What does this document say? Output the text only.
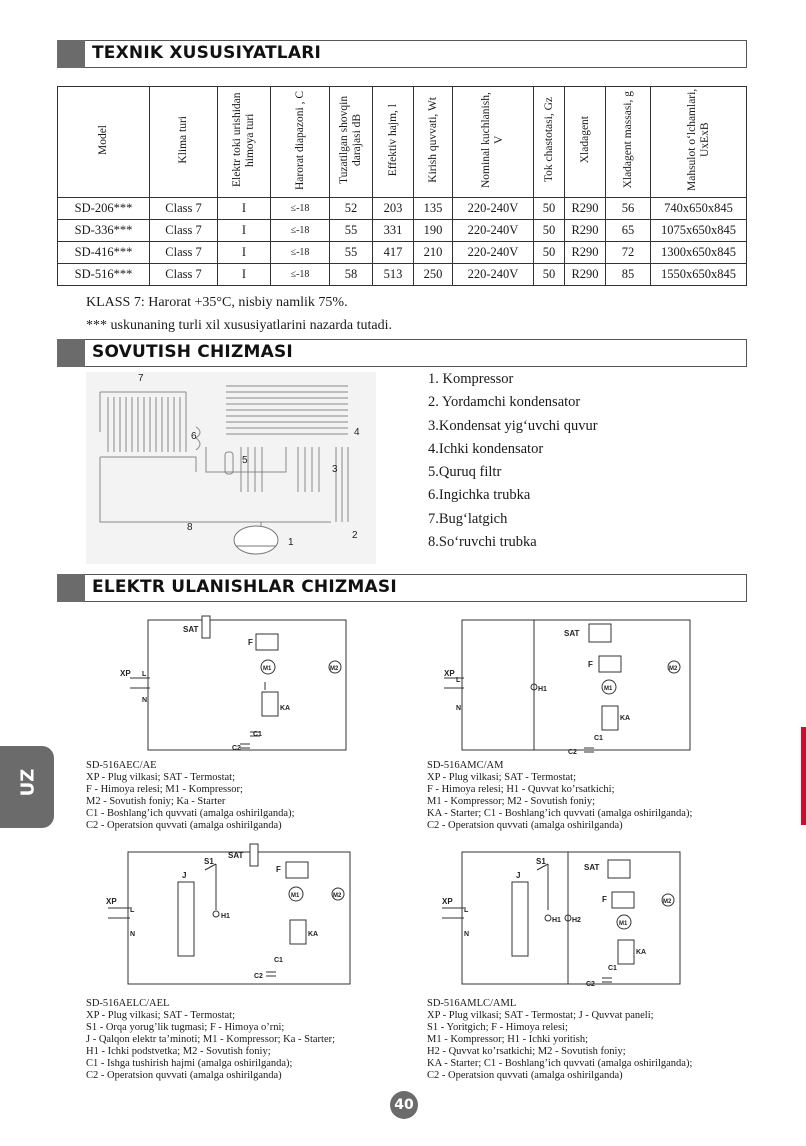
TEXNIK XUSUSIYATLARI
Model	Klima turi	Elektr toki urishidan himoya turi	Harorat diapazoni , C	Tuzatilgan shovqin darajasi dB	Effektiv hajm, l	Kirish quvvati, Wt	Nominal kuchlanish, V	Tok chastotasi, Gz	Xladagent	Xladagent massasi, g	Mahsulot o‘lchamlari, UxExB
SD-206***	Class 7	I	≤-18	52	203	135	220-240V	50	R290	56	740x650x845
SD-336***	Class 7	I	≤-18	55	331	190	220-240V	50	R290	65	1075x650x845
SD-416***	Class 7	I	≤-18	55	417	210	220-240V	50	R290	72	1300x650x845
SD-516***	Class 7	I	≤-18	58	513	250	220-240V	50	R290	85	1550x650x845
KLASS 7: Harorat +35°C, nisbiy namlik 75%.
*** uskunaning turli xil xususiyatlarini nazarda tutadi.
SOVUTISH CHIZMASI
7
6
5
4
3
8
2
1
1. Kompressor
2. Yordamchi kondensator
3.Kondensat yig‘uvchi quvur
4.Ichki kondensator
5.Quruq filtr
6.Ingichka trubka
7.Bug‘latgich
8.So‘ruvchi trubka
ELEKTR ULANISHLAR CHIZMASI
SAT
F
XP L
N
M1	M2
KA
C1
C2
SAT
F
XP
L
N
H1	M1
M2
KA
C1
C2
SD-516AEC/AE
XP - Plug vilkasi; SAT - Termostat;
F - Himoya relesi; M1 - Kompressor;
M2 - Sovutish foniy; Ka - Starter
C1 - Boshlang’ich quvvati (amalga oshirilganda);
C2 - Operatsion quvvati (amalga oshirilganda)
SD-516AMC/AM
XP - Plug vilkasi; SAT - Termostat;
F - Himoya relesi; H1 - Quvvat ko’rsatkichi;
M1 - Kompressor; M2 - Sovutish foniy;
KA - Starter; C1 - Boshlang’ich quvvati (amalga oshirilganda);
C2 - Operatsion quvvati (amalga oshirilganda)
SAT
S1
J
F
XP
L
N
H1
M1	M2
KA
C1
C2
SAT
S1
J
F
XP
L
N
H1 H2	M1
M2
KA
C1
C2
SD-516AELC/AEL
XP - Plug vilkasi; SAT - Termostat;
S1 - Orqa yorug’lik tugmasi; F - Himoya o’rni;
J - Qalqon elektr ta’minoti; M1 - Kompressor; Ka - Starter;
H1 - Ichki podstvetka; M2 - Sovutish foniy;
C1 - Ishga tushirish hajmi (amalga oshirilganda);
C2 - Operatsion quvvati (amalga oshirilganda)
SD-516AMLC/AML
XP - Plug vilkasi; SAT - Termostat; J - Quvvat paneli;
S1 - Yoritgich; F - Himoya relesi;
M1 - Kompressor; H1 - Ichki yoritish;
H2 - Quvvat ko’rsatkichi; M2 - Sovutish foniy;
KA - Starter; C1 - Boshlang’ich quvvati (amalga oshirilganda);
C2 - Operatsion quvvati (amalga oshirilganda)
UZ
40
